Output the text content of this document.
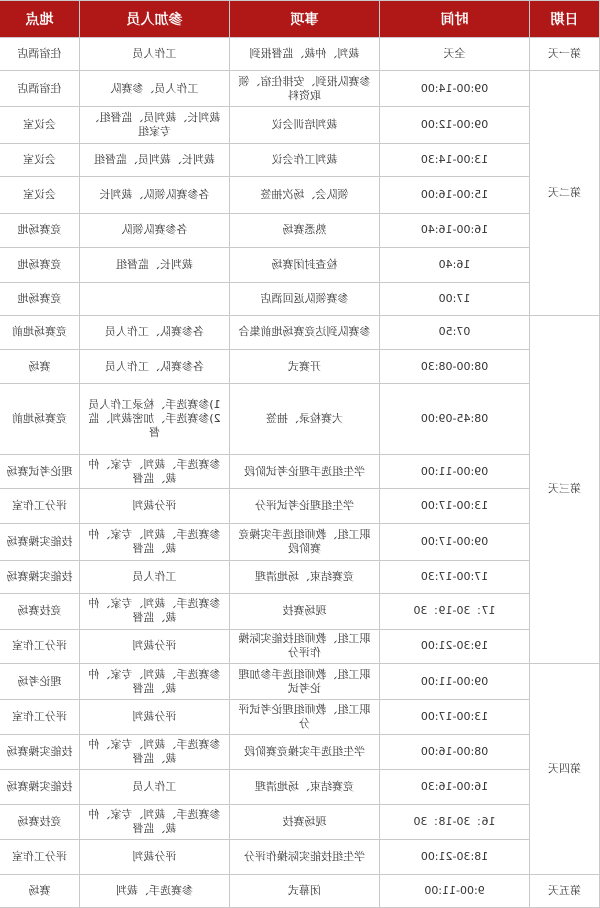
日期	时间	事项	参加人员	地点
第一天	全天	裁判、仲裁、监督报到	工作人员	住宿酒店
第二天	09:00-14:00	参赛队报到、安排住宿、领取资料	工作人员、参赛队	住宿酒店
	09:00-12:00	裁判培训会议	裁判长、裁判员、监督组、专家组	会议室
	13:00-14:30	裁判工作会议	裁判长、裁判员、监督组	会议室
	15:00-16:00	领队会、场次抽签	各参赛队领队、裁判长	会议室
	16:00-16:40	熟悉赛场	各参赛队领队	竞赛场地
	16:40	检查封闭赛场	裁判长、监督组	竞赛场地
	17:00	参赛领队返回酒店		竞赛场地
第三天	07:50	参赛队到达竞赛场地前集合	各参赛队、工作人员	竞赛场地前
	08:00-08:30	开赛式	各参赛队、工作人员	赛场
	08:45-09:00	大赛检录、抽签	1)参赛选手、检录工作人员 2)参赛选手、加密裁判、监督	竞赛场地前
	09:00-11:00	学生组选手理论考试阶段	参赛选手、裁判、专家、仲裁、监督	理论考试赛场
	13:00-17:00	学生组理论考试评分	评分裁判	评分工作室
	09:00-17:00	职工组、教师组选手实操竞赛阶段	参赛选手、裁判、专家、仲裁、监督	技能实操赛场
	17:00-17:30	竞赛结束、场地清理	工作人员	技能实操赛场
	17：30-19：30	现场赛技	参赛选手、裁判、专家、仲裁、监督	竞技赛场
	19:30-21:00	职工组、教师组技能实际操作评分	评分裁判	评分工作室
第四天	09:00-11:00	职工组、教师组选手参加理论考试	参赛选手、裁判、专家、仲裁、监督	理论考场
	13:00-17:00	职工组、教师组理论考试评分	评分裁判	评分工作室
	08:00-16:00	学生组选手实操竞赛阶段	参赛选手、裁判、专家、仲裁、监督	技能实操赛场
	16:00-16:30	竞赛结束、场地清理	工作人员	技能实操赛场
	16：30-18：30	现场赛技	参赛选手、裁判、专家、仲裁、监督	竞技赛场
	18:30-21:00	学生组技能实际操作评分	评分裁判	评分工作室
第五天	9:00-11:00	闭幕式	参赛选手、裁判	赛场
